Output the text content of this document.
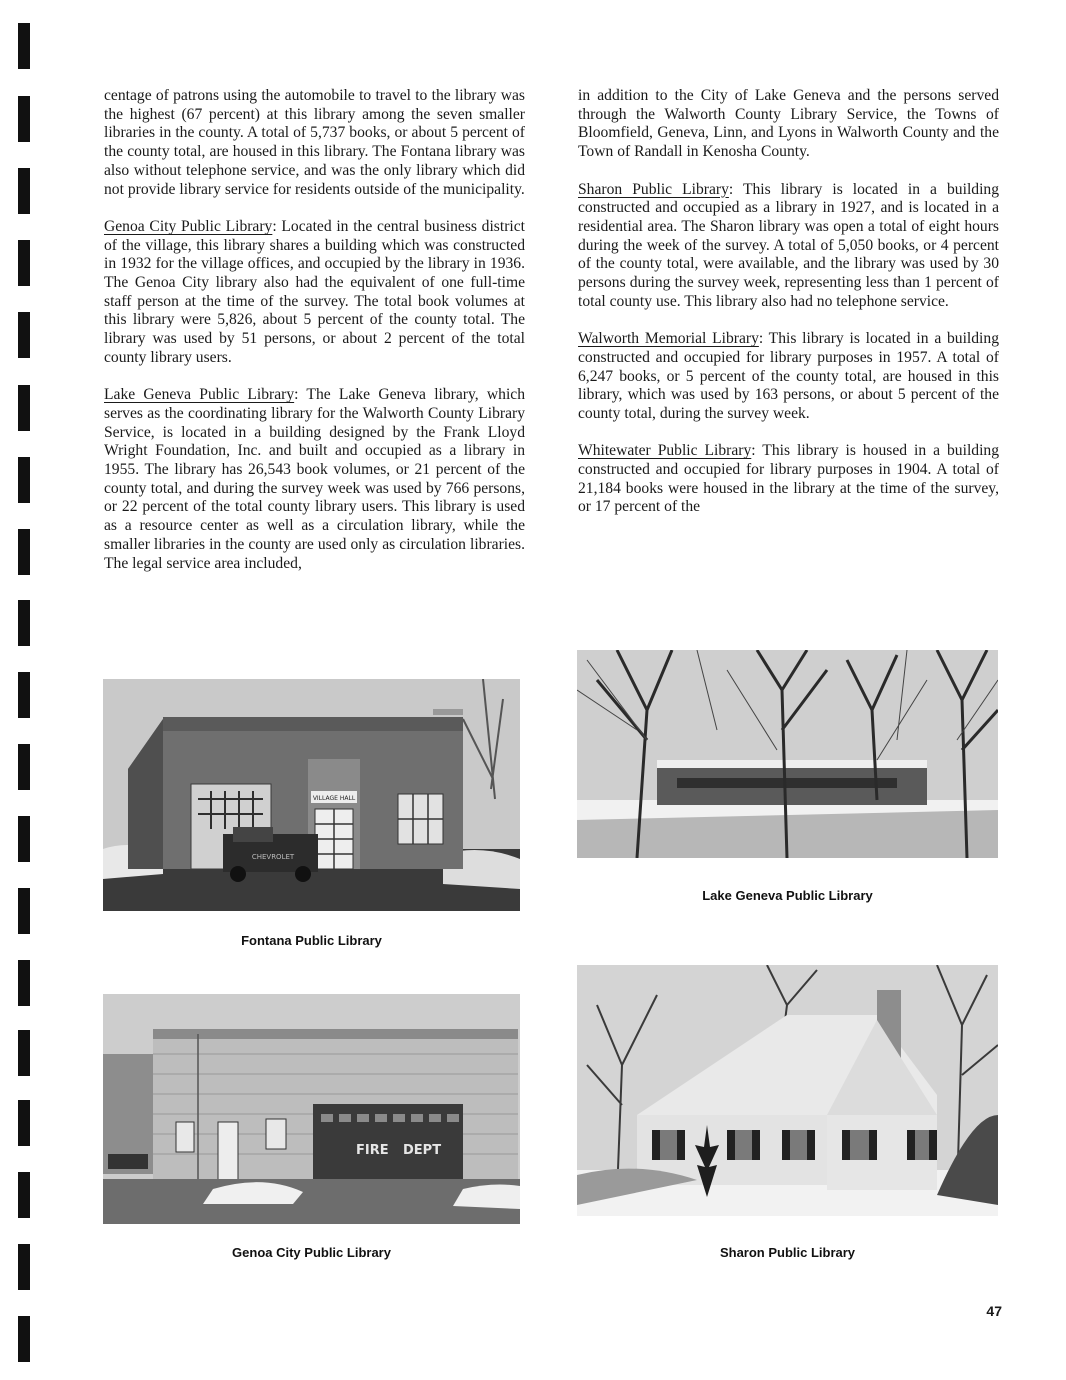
centage of patrons using the automobile to travel to the library was the highest (67 percent) at this library among the seven smaller libraries in the county. A total of 5,737 books, or about 5 percent of the county total, are housed in this library. The Fontana library was also without telephone service, and was the only library which did not provide library service for residents outside of the municipality.

Genoa City Public Library: Located in the central business district of the village, this library shares a building which was constructed in 1932 for the village offices, and occupied by the library in 1936. The Genoa City library also had the equivalent of one full-time staff person at the time of the survey. The total book volumes at this library were 5,826, about 5 percent of the county total. The library was used by 51 persons, or about 2 percent of the total county library users.

Lake Geneva Public Library: The Lake Geneva library, which serves as the coordinating library for the Walworth County Library Service, is located in a building designed by the Frank Lloyd Wright Foundation, Inc. and built and occupied as a library in 1955. The library has 26,543 book volumes, or 21 percent of the county total, and during the survey week was used by 766 persons, or 22 percent of the total county library users. This library is used as a resource center as well as a circulation library, while the smaller libraries in the county are used only as circulation libraries. The legal service area included,

in addition to the City of Lake Geneva and the persons served through the Walworth County Library Service, the Towns of Bloomfield, Geneva, Linn, and Lyons in Walworth County and the Town of Randall in Kenosha County.

Sharon Public Library: This library is located in a building constructed and occupied as a library in 1927, and is located in a residential area. The Sharon library was open a total of eight hours during the week of the survey. A total of 5,050 books, or 4 percent of the county total, were available, and the library was used by 30 persons during the survey week, representing less than 1 percent of total county use. This library also had no telephone service.

Walworth Memorial Library: This library is located in a building constructed and occupied for library purposes in 1957. A total of 6,247 books, or 5 percent of the county total, are housed in this library, which was used by 163 persons, or about 5 percent of the county total, during the survey week.

Whitewater Public Library: This library is housed in a building constructed and occupied for library purposes in 1904. A total of 21,184 books were housed in the library at the time of the survey, or 17 percent of the

VILLAGE HALL
CHEVROLET
Fontana Public Library
Lake Geneva Public Library
FIRE DEPT
Genoa City Public Library	Sharon Public Library
47
